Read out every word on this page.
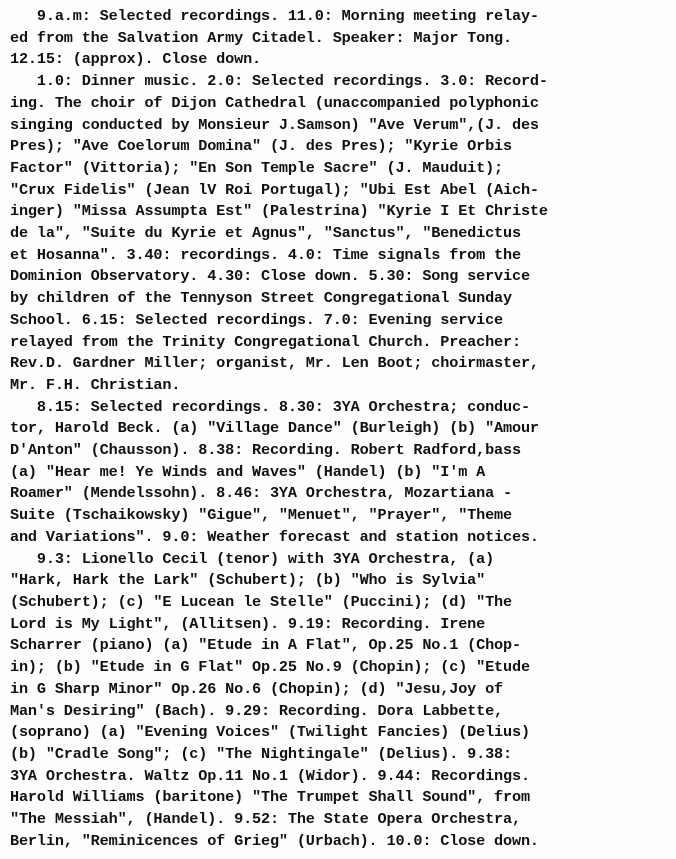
9.a.m: Selected recordings. 11.0: Morning meeting relay-
ed from the Salvation Army Citadel. Speaker: Major Tong.
12.15: (approx). Close down.
1.0: Dinner music. 2.0: Selected recordings. 3.0: Record-
ing. The choir of Dijon Cathedral (unaccompanied polyphonic
singing conducted by Monsieur J.Samson) "Ave Verum",(J. des
Pres); "Ave Coelorum Domina" (J. des Pres); "Kyrie Orbis
Factor" (Vittoria); "En Son Temple Sacre" (J. Mauduit);
"Crux Fidelis" (Jean lV Roi Portugal); "Ubi Est Abel (Aich-
inger) "Missa Assumpta Est" (Palestrina) "Kyrie I Et Christe
de la", "Suite du Kyrie et Agnus", "Sanctus", "Benedictus
et Hosanna". 3.40: recordings. 4.0: Time signals from the
Dominion Observatory. 4.30: Close down. 5.30: Song service
by children of the Tennyson Street Congregational Sunday
School. 6.15: Selected recordings. 7.0: Evening service
relayed from the Trinity Congregational Church. Preacher:
Rev.D. Gardner Miller; organist, Mr. Len Boot; choirmaster,
Mr. F.H. Christian.
8.15: Selected recordings. 8.30: 3YA Orchestra; conduc-
tor, Harold Beck. (a) "Village Dance" (Burleigh) (b) "Amour
D'Anton" (Chausson). 8.38: Recording. Robert Radford,bass
(a) "Hear me! Ye Winds and Waves" (Handel) (b) "I'm A
Roamer" (Mendelssohn). 8.46: 3YA Orchestra, Mozartiana -
Suite (Tschaikowsky) "Gigue", "Menuet", "Prayer", "Theme
and Variations". 9.0: Weather forecast and station notices.
9.3: Lionello Cecil (tenor) with 3YA Orchestra, (a)
"Hark, Hark the Lark" (Schubert); (b) "Who is Sylvia"
(Schubert); (c) "E Lucean le Stelle" (Puccini); (d) "The
Lord is My Light", (Allitsen). 9.19: Recording. Irene
Scharrer (piano) (a) "Etude in A Flat", Op.25 No.1 (Chop-
in); (b) "Etude in G Flat" Op.25 No.9 (Chopin); (c) "Etude
in G Sharp Minor" Op.26 No.6 (Chopin); (d) "Jesu,Joy of
Man's Desiring" (Bach). 9.29: Recording. Dora Labbette,
(soprano) (a) "Evening Voices" (Twilight Fancies) (Delius)
(b) "Cradle Song"; (c) "The Nightingale" (Delius). 9.38:
3YA Orchestra. Waltz Op.11 No.1 (Widor). 9.44: Recordings.
Harold Williams (baritone) "The Trumpet Shall Sound", from
"The Messiah", (Handel). 9.52: The State Opera Orchestra,
Berlin, "Reminicences of Grieg" (Urbach). 10.0: Close down.
